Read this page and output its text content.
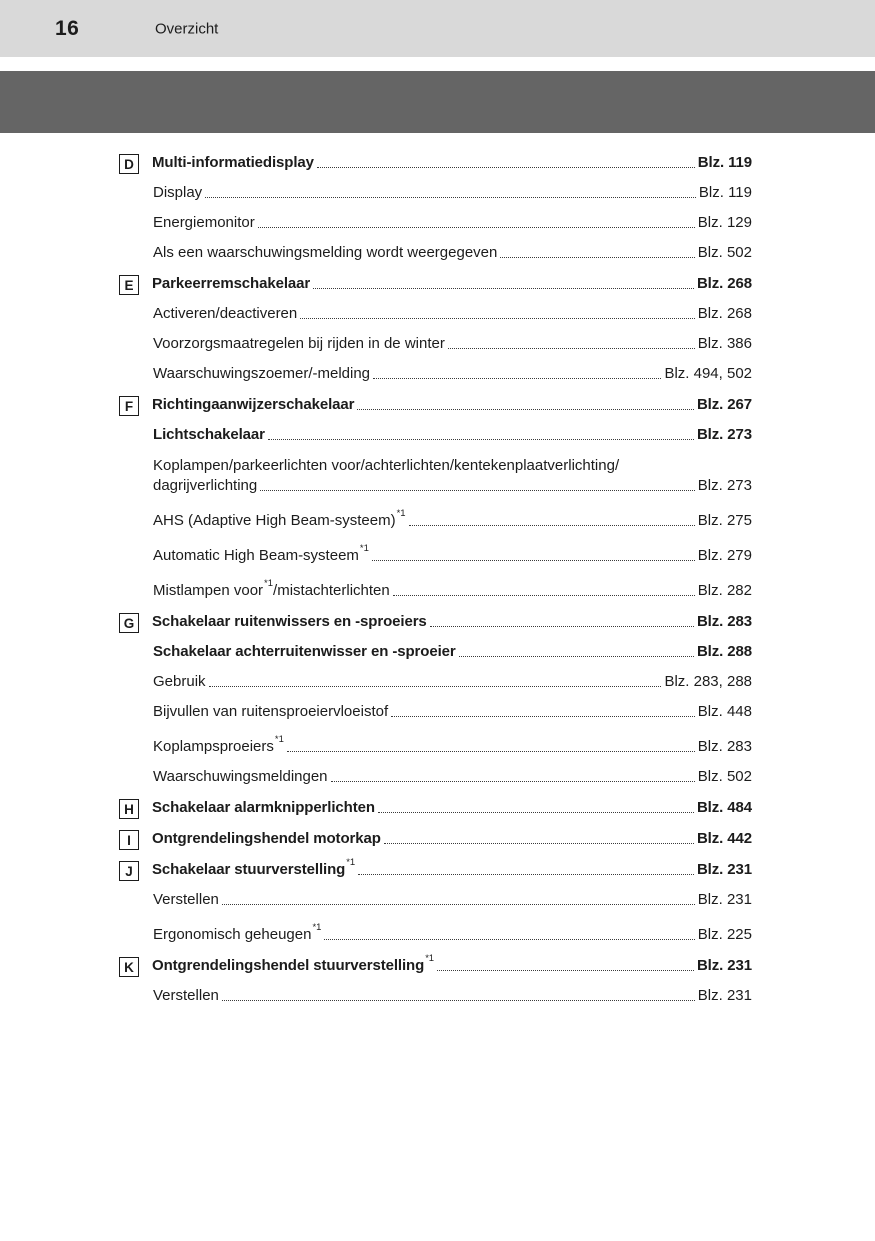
16	Overzicht
D Multi-informatiedisplay	Blz. 119
Display	Blz. 119
Energiemonitor	Blz. 129
Als een waarschuwingsmelding wordt weergegeven	Blz. 502
E Parkeerremschakelaar	Blz. 268
Activeren/deactiveren	Blz. 268
Voorzorgsmaatregelen bij rijden in de winter	Blz. 386
Waarschuwingszoemer/-melding	Blz. 494, 502
F Richtingaanwijzerschakelaar	Blz. 267
Lichtschakelaar	Blz. 273
Koplampen/parkeerlichten voor/achterlichten/kentekenplaatverlichting/
dagrijverlichting	Blz. 273
AHS (Adaptive High Beam-systeem) *1	Blz. 275
Automatic High Beam-systeem *1	Blz. 279
Mistlampen voor *1 /mistachterlichten	Blz. 282
G Schakelaar ruitenwissers en -sproeiers	Blz. 283
Schakelaar achterruitenwisser en -sproeier	Blz. 288
Gebruik	Blz. 283, 288
Bijvullen van ruitensproeiervloeistof	Blz. 448
Koplampsproeiers *1	Blz. 283
Waarschuwingsmeldingen	Blz. 502
H Schakelaar alarmknipperlichten	Blz. 484
I Ontgrendelingshendel motorkap	Blz. 442
J Schakelaar stuurverstelling *1	Blz. 231
Verstellen	Blz. 231
Ergonomisch geheugen *1	Blz. 225
K Ontgrendelingshendel stuurverstelling *1	Blz. 231
Verstellen	Blz. 231
